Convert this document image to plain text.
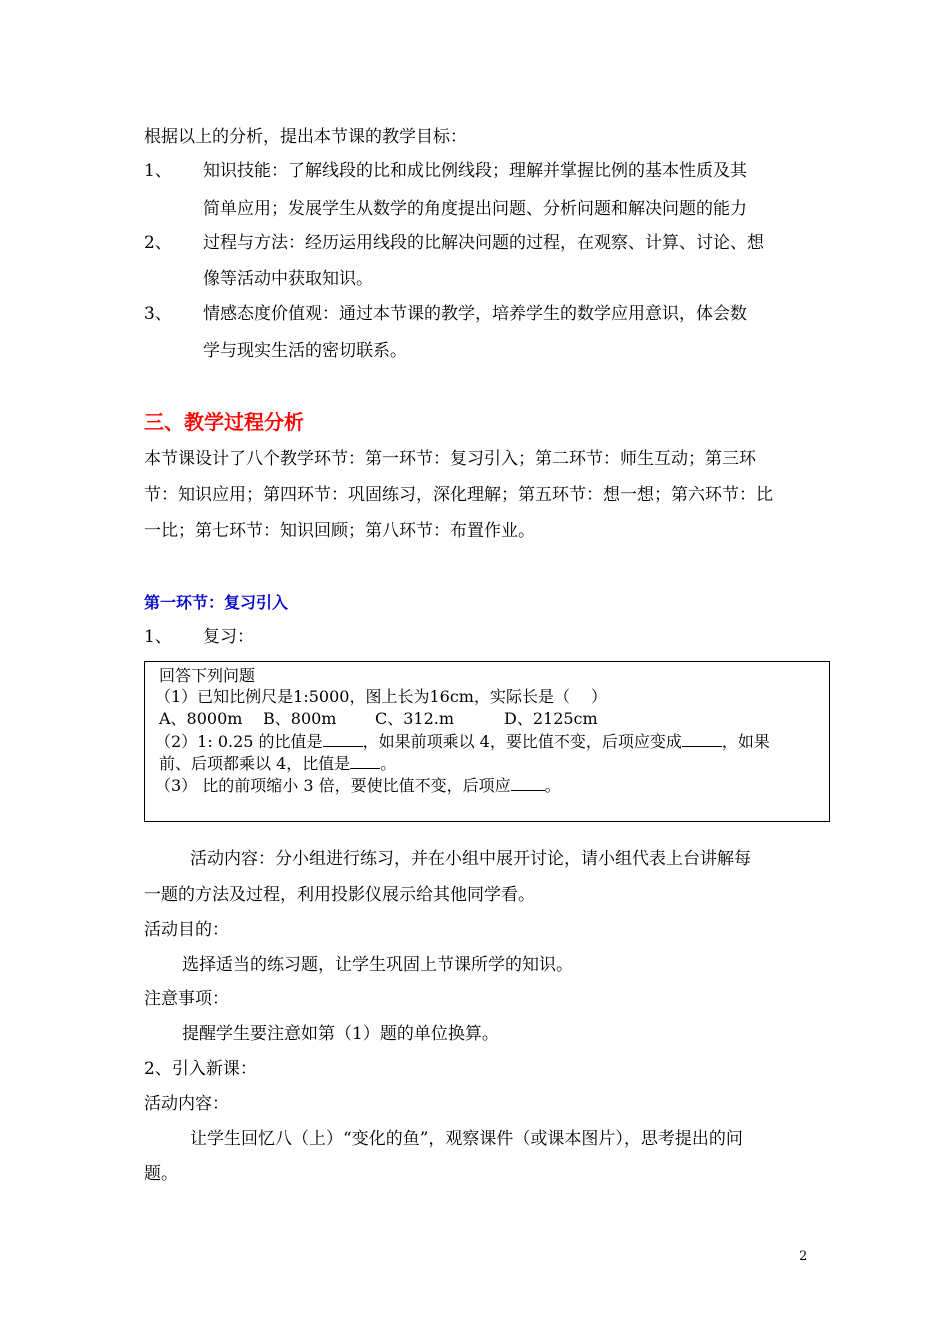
根据以上的分析，提出本节课的教学目标：
1、 知识技能：了解线段的比和成比例线段；理解并掌握比例的基本性质及其
简单应用；发展学生从数学的角度提出问题、分析问题和解决问题的能力
2、 过程与方法：经历运用线段的比解决问题的过程，在观察、计算、讨论、想
像等活动中获取知识。
3、 情感态度价值观：通过本节课的教学，培养学生的数学应用意识，体会数
学与现实生活的密切联系。
三、教学过程分析
本节课设计了八个教学环节：第一环节：复习引入；第二环节：师生互动；第三环
节：知识应用；第四环节：巩固练习，深化理解；第五环节：想一想；第六环节：比
一比；第七环节：知识回顾；第八环节：布置作业。
第一环节：复习引入
1、 复习：
回答下列问题
（1）已知比例尺是1:5000，图上长为16cm，实际长是（　 ）
A、8000m B、800m C、312.m	D、2125cm
（2）1: 0.25 的比值是	，如果前项乘以 4，要比值不变，后项应变成	，如果
前、后项都乘以 4，比值是 。
（3） 比的前项缩小 3 倍，要使比值不变，后项应 。
活动内容：分小组进行练习，并在小组中展开讨论，请小组代表上台讲解每
一题的方法及过程，利用投影仪展示给其他同学看。
活动目的：
选择适当的练习题，让学生巩固上节课所学的知识。
注意事项：
提醒学生要注意如第（1）题的单位换算。
2、引入新课：
活动内容：
让学生回忆八（上）“变化的鱼”，观察课件（或课本图片），思考提出的问
题。
2
